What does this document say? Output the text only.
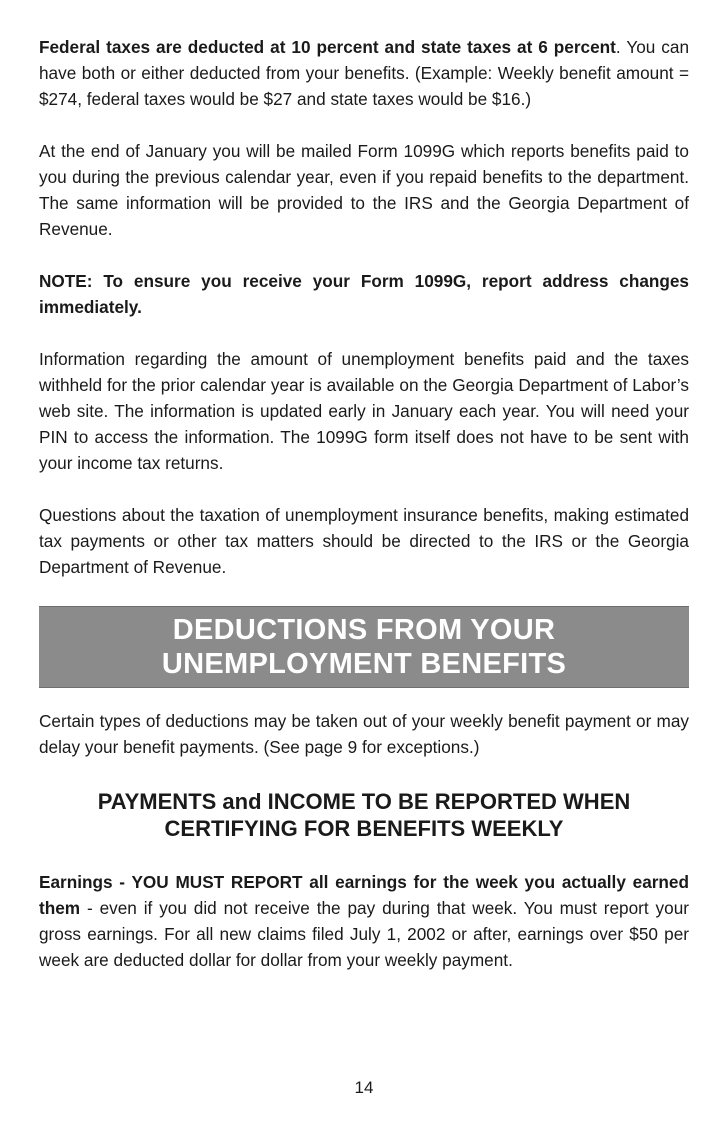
Federal taxes are deducted at 10 percent and state taxes at 6 percent. You can have both or either deducted from your benefits. (Example: Weekly benefit amount = $274, federal taxes would be $27 and state taxes would be $16.)

At the end of January you will be mailed Form 1099G which reports benefits paid to you during the previous calendar year, even if you repaid benefits to the department. The same information will be provided to the IRS and the Georgia Department of Revenue.

NOTE: To ensure you receive your Form 1099G, report address changes immediately.

Information regarding the amount of unemployment benefits paid and the taxes withheld for the prior calendar year is available on the Georgia Department of Labor’s web site. The information is updated early in January each year. You will need your PIN to access the information. The 1099G form itself does not have to be sent with your income tax returns.

Questions about the taxation of unemployment insurance benefits, making estimated tax payments or other tax matters should be directed to the IRS or the Georgia Department of Revenue.

DEDUCTIONS FROM YOUR
UNEMPLOYMENT BENEFITS

Certain types of deductions may be taken out of your weekly benefit payment or may delay your benefit payments. (See page 9 for exceptions.)

PAYMENTS and INCOME TO BE REPORTED WHEN
CERTIFYING FOR BENEFITS WEEKLY

Earnings - YOU MUST REPORT all earnings for the week you actually earned them - even if you did not receive the pay during that week. You must report your gross earnings. For all new claims filed July 1, 2002 or after, earnings over $50 per week are deducted dollar for dollar from your weekly payment.

14
